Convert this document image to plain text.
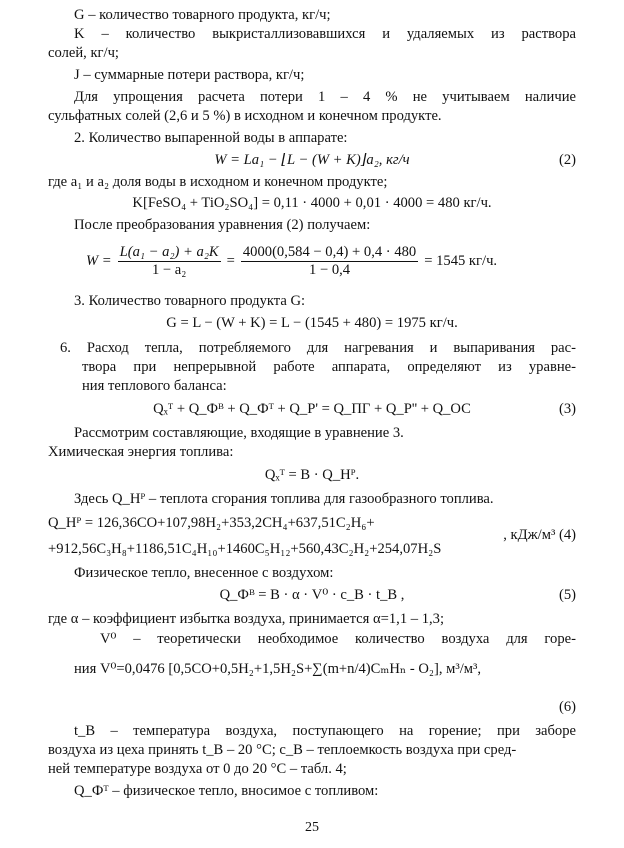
G – количество товарного продукта, кг/ч;
K – количество выкристаллизовавшихся и удаляемых из раствора
солей, кг/ч;
J – суммарные потери раствора, кг/ч;
Для упрощения расчета потери 1 – 4 % не учитываем наличие
сульфатных солей (2,6 и 5 %) в исходном и конечном продукте.
2. Количество выпаренной воды в аппарате:
W = La₁ − ⌊L − (W + K)⌋a₂, кг/ч	(2)
где a₁ и a₂ доля воды в исходном и конечном продукте;
K[FeSO₄ + TiO₂SO₄] = 0,11 · 4000 + 0,01 · 4000 = 480 кг/ч.
После преобразования уравнения (2) получаем:
$W = \frac{\text{L(a₁ − a₂) + a₂K}}{\text{1 − a₂}} = \frac{4000(0,584 - 0,4) + 0,4 \cdot 480}{1 - 0,4} = 1545$ кг/ч.
3. Количество товарного продукта G:
G = L − (W + K) = L − (1545 + 480) = 1975 кг/ч.
6. Расход тепла, потребляемого для нагревания и выпаривания рас-
твора при непрерывной работе аппарата, определяют из уравне-
ния теплового баланса:
Qₓᵀ + Q_Фᴮ + Q_Фᵀ + Q_Р' = Q_ПГ + Q_Р'' + Q_ОС	(3)
Рассмотрим составляющие, входящие в уравнение 3.
Химическая энергия топлива:
Qₓᵀ = B · Q_Нᴾ.
Здесь Q_Hᴾ – теплота сгорания топлива для газообразного топлива.
Q_Hᴾ = 126,36CO+107,98H₂+353,2CH₄+637,51C₂H₆+
+912,56C₃H₈+1186,51C₄H₁₀+1460C₅H₁₂+560,43C₂H₂+254,07H₂S
, кДж/м³ (4)
Физическое тепло, внесенное с воздухом:
Q_Фᴮ = B · α · V⁰ · c_В · t_В ,	(5)
где α – коэффициент избытка воздуха, принимается α=1,1 – 1,3;
V⁰ – теоретически необходимое количество воздуха для горе-
ния V⁰=0,0476 [0,5CO+0,5H₂+1,5H₂S+∑(m+n/4)CₘHₙ - O₂], м³/м³,
(6)
t_В – температура воздуха, поступающего на горение; при заборе
воздуха из цеха принять t_В – 20 °C; c_В – теплоемкость воздуха при сред-
ней температуре воздуха от 0 до 20 °C – табл. 4;
Q_Фᵀ – физическое тепло, вносимое с топливом:
25
